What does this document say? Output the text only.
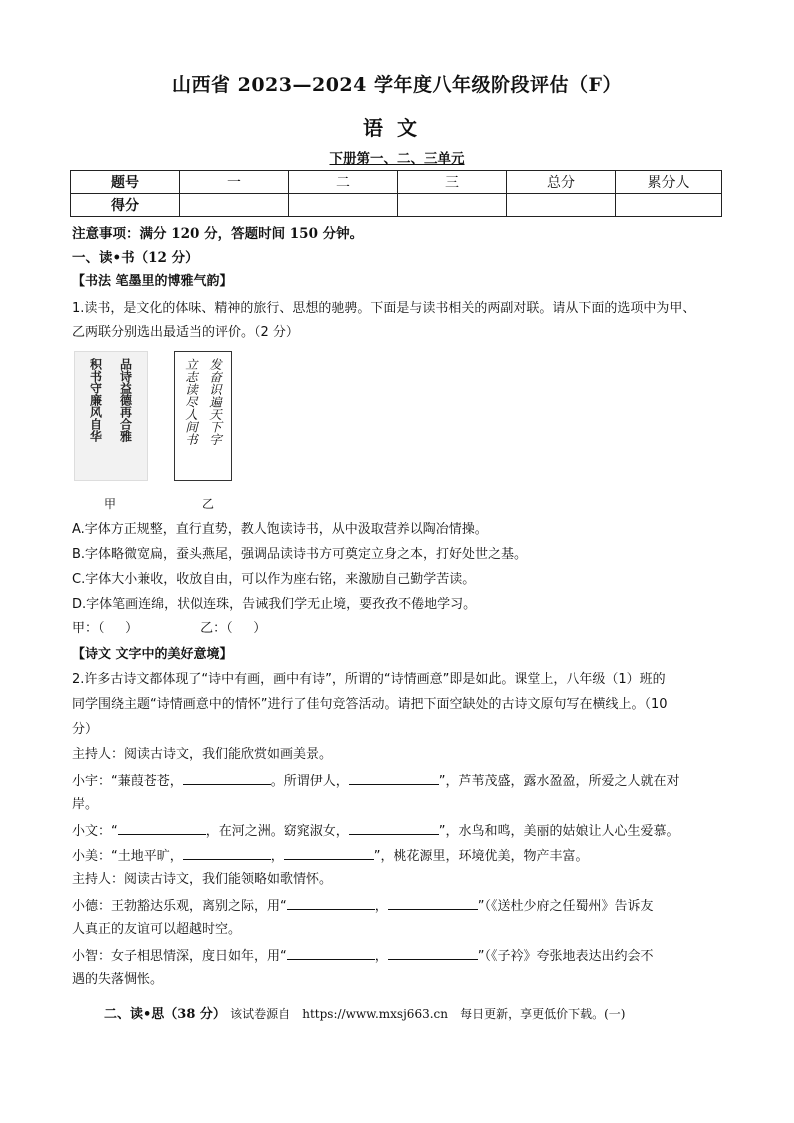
山西省 2023—2024 学年度八年级阶段评估（F）
语文
下册第一、二、三单元
题号	一	二	三	总分	累分人
得分					
注意事项：满分 120 分，答题时间 150 分钟。
一、读•书（12 分）
【书法 笔墨里的博雅气韵】
1.读书，是文化的体味、精神的旅行、思想的驰骋。下面是与读书相关的两副对联。请从下面的选项中为甲、
乙两联分别选出最适当的评价。（2 分）
品诗益德再合雅
积书守廉风自华	发奋识遍天下字
立志读尽人间书
甲	乙
A.字体方正规整，直行直势，教人饱读诗书，从中汲取营养以陶冶情操。
B.字体略微宽扁，蚕头燕尾，强调品读诗书方可奠定立身之本，打好处世之基。
C.字体大小兼收，收放自由，可以作为座右铭，来激励自己勤学苦读。
D.字体笔画连绵，状似连珠，告诫我们学无止境，要孜孜不倦地学习。
甲：（     ）               乙：（     ）
【诗文 文字中的美好意境】
2.许多古诗文都体现了“诗中有画，画中有诗”，所谓的“诗情画意”即是如此。课堂上，八年级（1）班的
同学围绕主题“诗情画意中的情怀”进行了佳句竞答活动。请把下面空缺处的古诗文原句写在横线上。（10
分）
主持人：阅读古诗文，我们能欣赏如画美景。
小宇：“蒹葭苍苍，	。所谓伊人，	”，芦苇茂盛，露水盈盈，所爱之人就在对
岸。
小文：“	，在河之洲。窈窕淑女，	”，水鸟和鸣，美丽的姑娘让人心生爱慕。
小美：“土地平旷，	，	”，桃花源里，环境优美，物产丰富。
主持人：阅读古诗文，我们能领略如歌情怀。
小德：王勃豁达乐观，离别之际，用“	，	”（《送杜少府之任蜀州》告诉友
人真正的友谊可以超越时空。
小智：女子相思情深，度日如年，用“	，	”（《子衿》夸张地表达出约会不
遇的失落惆怅。
二、读•思（38 分） 该试卷源自 https://www.mxsj663.cn 每日更新，享更低价下载。(一)
